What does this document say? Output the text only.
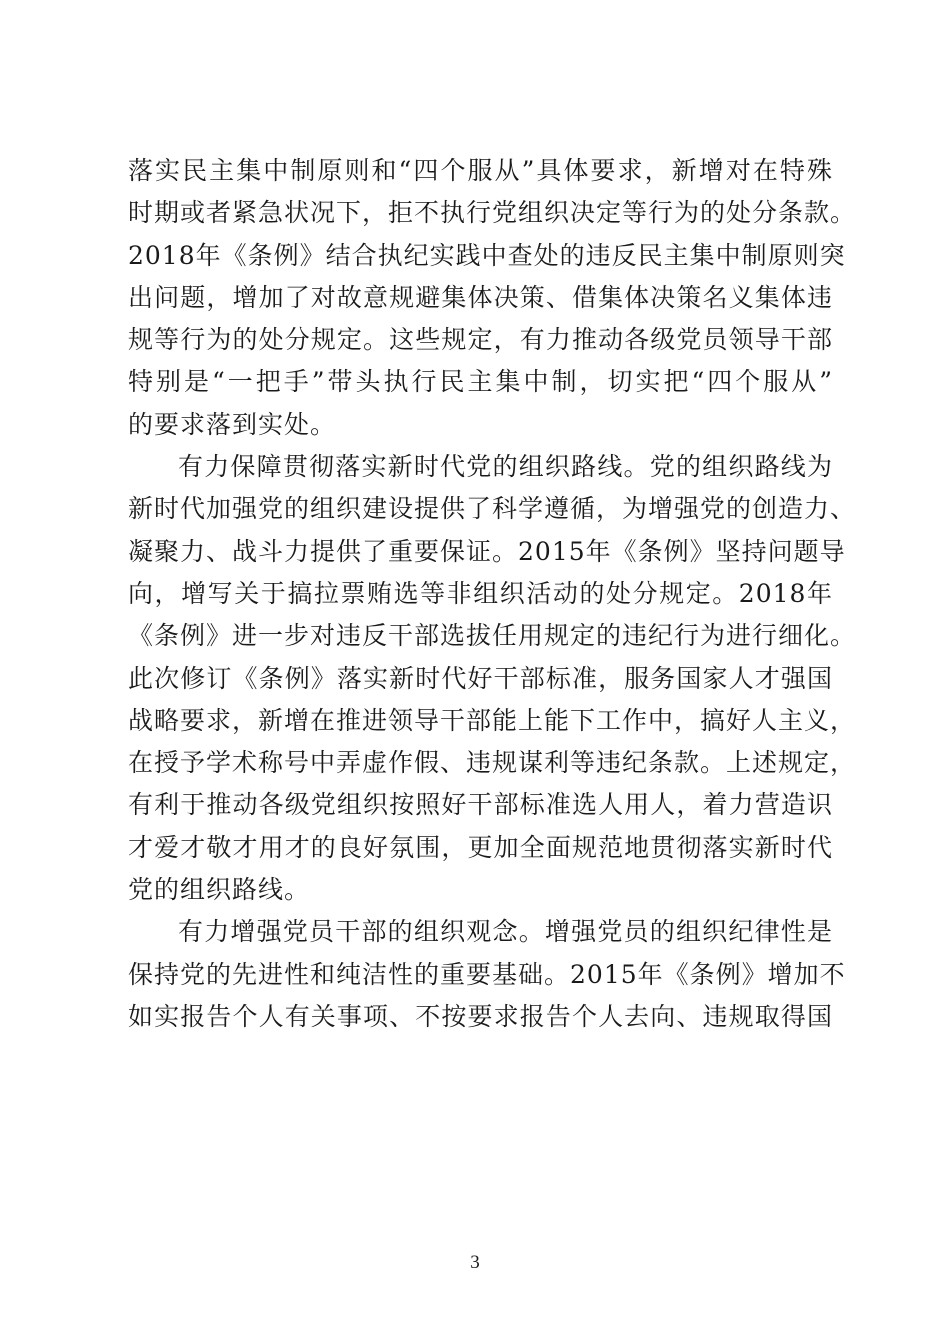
落实民主集中制原则和“四个服从”具体要求，新增对在特殊
时期或者紧急状况下，拒不执行党组织决定等行为的处分条款。
2018年《条例》结合执纪实践中查处的违反民主集中制原则突
出问题，增加了对故意规避集体决策、借集体决策名义集体违
规等行为的处分规定。这些规定，有力推动各级党员领导干部
特别是“一把手”带头执行民主集中制，切实把“四个服从”
的要求落到实处。
有力保障贯彻落实新时代党的组织路线。党的组织路线为
新时代加强党的组织建设提供了科学遵循，为增强党的创造力、
凝聚力、战斗力提供了重要保证。2015年《条例》坚持问题导
向，增写关于搞拉票贿选等非组织活动的处分规定。2018年
《条例》进一步对违反干部选拔任用规定的违纪行为进行细化。
此次修订《条例》落实新时代好干部标准，服务国家人才强国
战略要求，新增在推进领导干部能上能下工作中，搞好人主义，
在授予学术称号中弄虚作假、违规谋利等违纪条款。上述规定，
有利于推动各级党组织按照好干部标准选人用人，着力营造识
才爱才敬才用才的良好氛围，更加全面规范地贯彻落实新时代
党的组织路线。
有力增强党员干部的组织观念。增强党员的组织纪律性是
保持党的先进性和纯洁性的重要基础。2015年《条例》增加不
如实报告个人有关事项、不按要求报告个人去向、违规取得国
3
